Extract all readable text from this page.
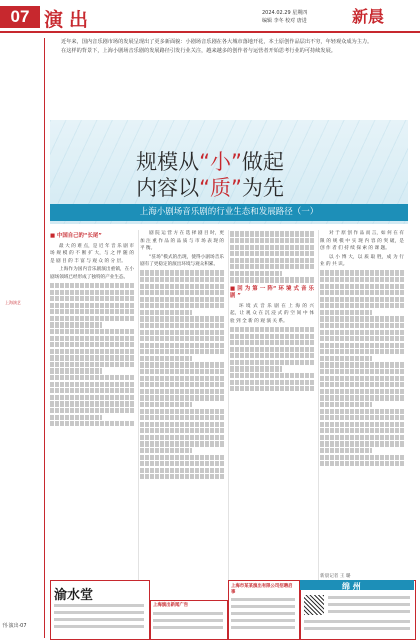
07 演出	2024.02.29 星期四
编辑 李冬 校对 唐进	新晨
上海演艺
刊·演出·07

近年来，国内音乐剧市场的发展呈现出了更多新面貌：小剧场音乐剧在各大城市落地开花，本土原创作品层出不穷，年轻观众成为主力。

在这样的背景下，上海小剧场音乐剧的发展路径引发行业关注，越来越多的创作者与运营者开始思考行业的可持续发展。

规模从“小”做起
内容以“质”为先
上海小剧场音乐剧的行业生态和发展路径（一）

■ 中国自己的“长尾”

最 大 的 难 点，是 近 年 音 乐 剧 市 场 规 模 的 不 断 扩 大，与 之 伴 随 的 是 剧 目 的 丰 富 与 观 众 的 分 层。

上海作为国内音乐剧演出重镇，在小剧场领域已经形成了独特的产业生态。

剧 院 运 营 方 在 选 择 剧 目 时，更 加 注 重 作 品 的 品 质 与 市 场 表 现 的 平 衡。

“驻场”模式的出现，使得小剧场音乐剧有了更稳定的演出环境与观众积累。

■ 回 为 第 一 阵“ 环 境 式 音 乐 剧 ”

环 境 式 音 乐 剧 在 上 海 的 兴 起，让 观 众 在 沉 浸 式 的 空 间 中 体 验 到 全 新 的 观 演 关 系。

对 于 原 创 作 品 而 言，如 何 在 有 限 的 规 模 中 实 现 内 容 的 突 破，是 创 作 者 们 持 续 探 索 的 课 题。

以 小 博 大，以 质 取 胜，成 为 行 业 的 共 识。

新晨记者 王 璐
渝水堂
上海演出新闻广告
上海市某某演出有限公司招聘启事
绵 州
